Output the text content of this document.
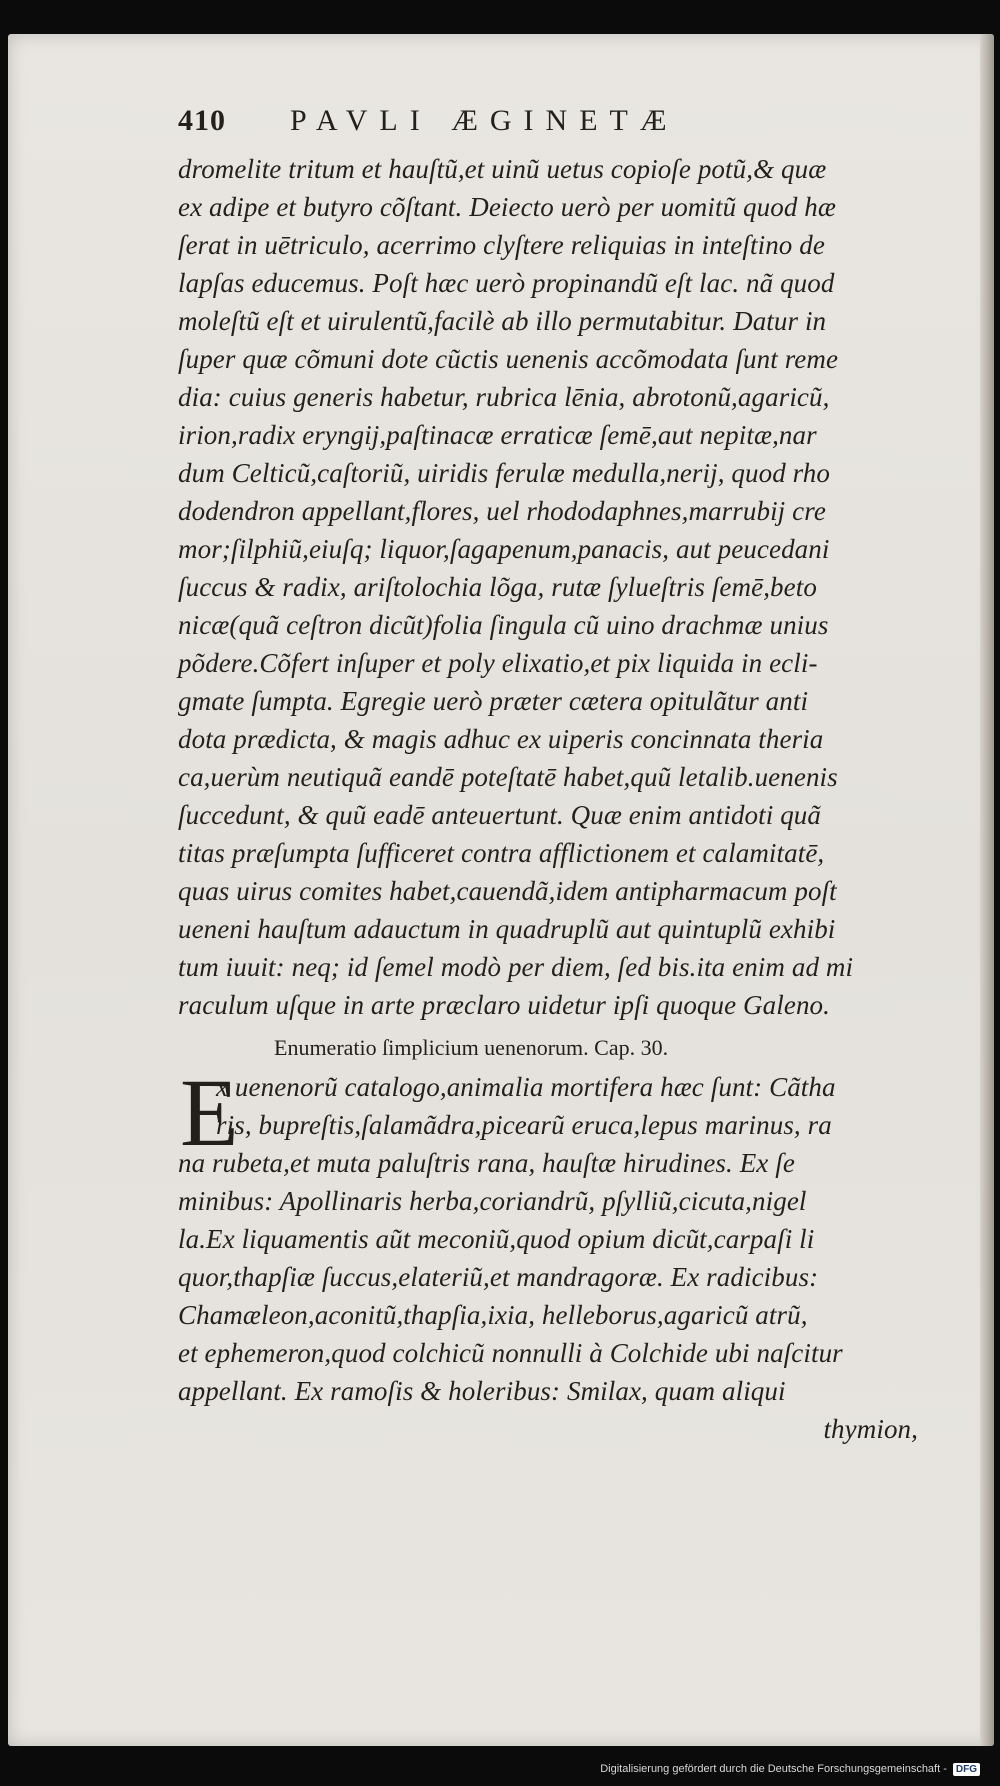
410	PAVLI ÆGINETÆ
dromelite tritum et hauſtũ,et uinũ uetus copioſe potũ,& quæ
ex adipe et butyro cõſtant. Deiecto uerò per uomitũ quod hæ
ſerat in uētriculo, acerrimo clyſtere reliquias in inteſtino de
lapſas educemus. Poſt hæc uerò propinandũ eſt lac. nã quod
moleſtũ eſt et uirulentũ,facilè ab illo permutabitur. Datur in
ſuper quæ cõmuni dote cũctis uenenis accõmodata ſunt reme
dia: cuius generis habetur, rubrica lēnia, abrotonũ,agaricũ,
irion,radix eryngij,paſtinacæ erraticæ ſemē,aut nepitæ,nar
dum Celticũ,caſtoriũ, uiridis ferulæ medulla,nerij, quod rho
dodendron appellant,flores, uel rhododaphnes,marrubij cre
mor;ſilphiũ,eiuſq; liquor,ſagapenum,panacis, aut peucedani
ſuccus & radix, ariſtolochia lõga, rutæ ſylueſtris ſemē,beto
nicæ(quã ceſtron dicũt)folia ſingula cũ uino drachmæ unius
põdere.Cõfert inſuper et poly elixatio,et pix liquida in ecli-
gmate ſumpta. Egregie uerò præter cætera opitulãtur anti
dota prædicta, & magis adhuc ex uiperis concinnata theria
ca,uerùm neutiquã eandē poteſtatē habet,quũ letalib.uenenis
ſuccedunt, & quũ eadē anteuertunt. Quæ enim antidoti quã
titas præſumpta ſufficeret contra afflictionem et calamitatē,
quas uirus comites habet,cauendã,idem antipharmacum poſt
ueneni hauſtum adauctum in quadruplũ aut quintuplũ exhibi
tum iuuit: neq; id ſemel modò per diem, ſed bis.ita enim ad mi
raculum uſque in arte præclaro uidetur ipſi quoque Galeno.
Enumeratio ſimplicium uenenorum. Cap. 30.
E
x uenenorũ catalogo,animalia mortifera hæc ſunt: Cãtha
ris, bupreſtis,ſalamãdra,picearũ eruca,lepus marinus, ra
na rubeta,et muta paluſtris rana, hauſtæ hirudines. Ex ſe
minibus: Apollinaris herba,coriandrũ, pſylliũ,cicuta,nigel
la.Ex liquamentis aũt meconiũ,quod opium dicũt,carpaſi li
quor,thapſiæ ſuccus,elateriũ,et mandragoræ. Ex radicibus:
Chamæleon,aconitũ,thapſia,ixia, helleborus,agaricũ atrũ,
et ephemeron,quod colchicũ nonnulli à Colchide ubi naſcitur
appellant. Ex ramoſis & holeribus: Smilax, quam aliqui
thymion,
Digitalisierung gefördert durch die Deutsche Forschungsgemeinschaft - DFG
